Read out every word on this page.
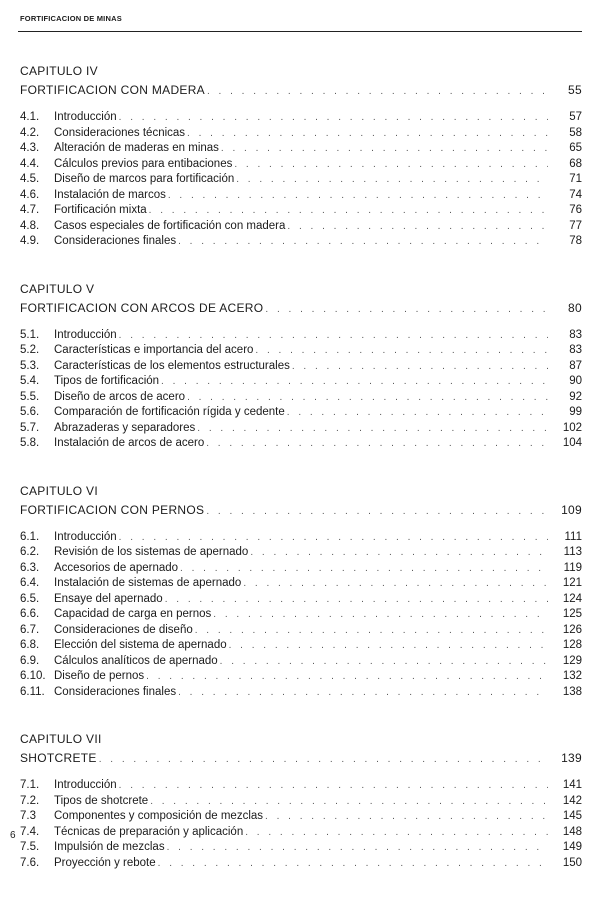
FORTIFICACION DE MINAS
CAPITULO IV
FORTIFICACION CON MADERA . . .	55
4.1.	Introducción . . .	57
4.2.	Consideraciones técnicas . . .	58
4.3.	Alteración de maderas en minas . . .	65
4.4.	Cálculos previos para entibaciones . . .	68
4.5.	Diseño de marcos para fortificación . . .	71
4.6.	Instalación de marcos . . .	74
4.7.	Fortificación mixta . . .	76
4.8.	Casos especiales de fortificación con madera . . .	77
4.9.	Consideraciones finales . . .	78
CAPITULO V
FORTIFICACION CON ARCOS DE ACERO . . .	80
5.1.	Introducción . . .	83
5.2.	Características e importancia del acero . . .	83
5.3.	Características de los elementos estructurales . . .	87
5.4.	Tipos de fortificación . . .	90
5.5.	Diseño de arcos de acero . . .	92
5.6.	Comparación de fortificación rígida y cedente . . .	99
5.7.	Abrazaderas y separadores . . .	102
5.8.	Instalación de arcos de acero . . .	104
CAPITULO VI
FORTIFICACION CON PERNOS . . .	109
6.1.	Introducción . . .	111
6.2.	Revisión de los sistemas de apernado . . .	113
6.3.	Accesorios de apernado . . .	119
6.4.	Instalación de sistemas de apernado . . .	121
6.5.	Ensaye del apernado . . .	124
6.6.	Capacidad de carga en pernos . . .	125
6.7.	Consideraciones de diseño . . .	126
6.8.	Elección del sistema de apernado . . .	128
6.9.	Cálculos analíticos de apernado . . .	129
6.10. Diseño de pernos . . .	132
6.11. Consideraciones finales . . .	138
CAPITULO VII
SHOTCRETE . . .	139
7.1.	Introducción . . .	141
7.2.	Tipos de shotcrete . . .	142
7.3	Componentes y composición de mezclas . . .	145
7.4.	Técnicas de preparación y aplicación . . .	148
7.5.	Impulsión de mezclas . . .	149
7.6.	Proyección y rebote . . .	150
6
